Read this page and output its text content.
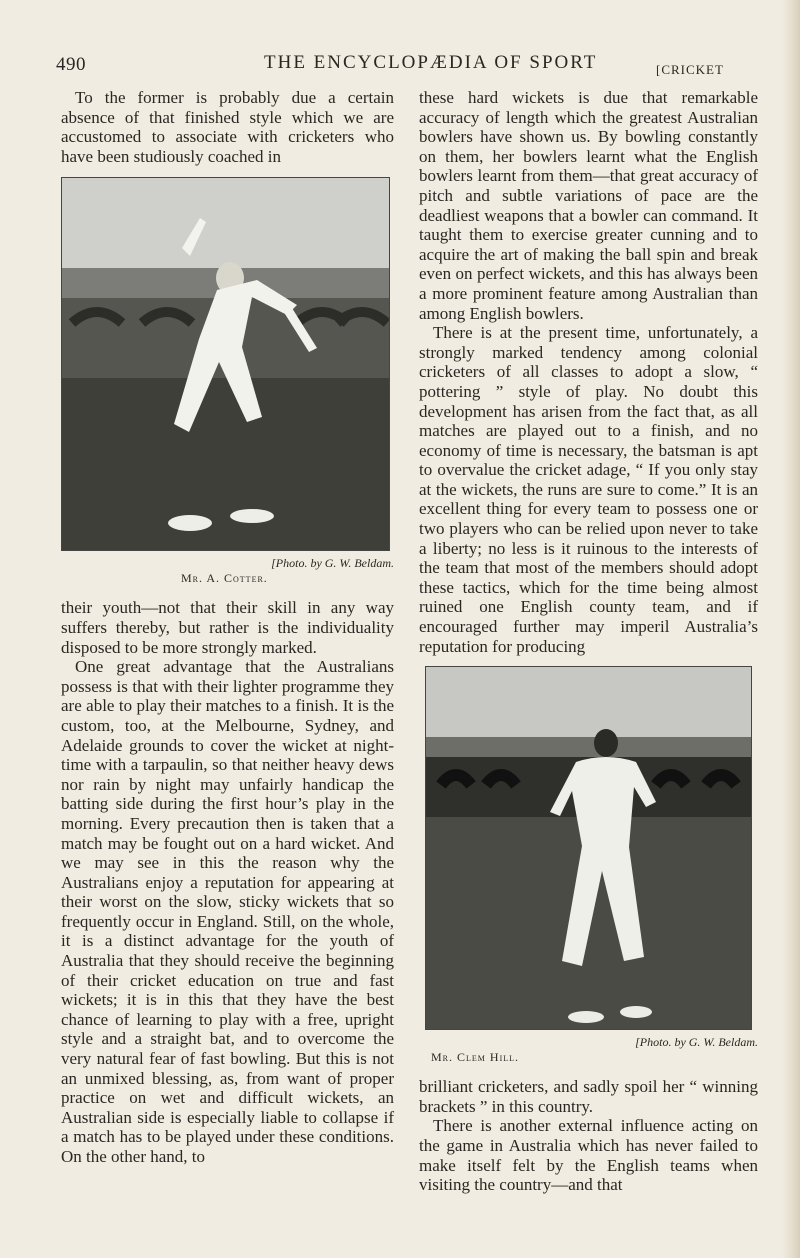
490	THE ENCYCLOPÆDIA OF SPORT	[CRICKET

To the former is probably due a certain absence of that finished style which we are accustomed to associate with cricketers who have been studiously coached in

[Photo. by G. W. Beldam.
Mr. A. Cotter.

their youth—not that their skill in any way suffers thereby, but rather is the individuality disposed to be more strongly marked.

One great advantage that the Australians possess is that with their lighter programme they are able to play their matches to a finish. It is the custom, too, at the Melbourne, Sydney, and Adelaide grounds to cover the wicket at night-time with a tarpaulin, so that neither heavy dews nor rain by night may unfairly handicap the batting side during the first hour’s play in the morning. Every precaution then is taken that a match may be fought out on a hard wicket. And we may see in this the reason why the Australians enjoy a reputation for appearing at their worst on the slow, sticky wickets that so frequently occur in England. Still, on the whole, it is a distinct advantage for the youth of Australia that they should receive the beginning of their cricket education on true and fast wickets; it is in this that they have the best chance of learning to play with a free, upright style and a straight bat, and to overcome the very natural fear of fast bowling. But this is not an unmixed blessing, as, from want of proper practice on wet and difficult wickets, an Australian side is especially liable to collapse if a match has to be played under these conditions. On the other hand, to

these hard wickets is due that remarkable accuracy of length which the greatest Australian bowlers have shown us. By bowling constantly on them, her bowlers learnt what the English bowlers learnt from them—that great accuracy of pitch and subtle variations of pace are the deadliest weapons that a bowler can command. It taught them to exercise greater cunning and to acquire the art of making the ball spin and break even on perfect wickets, and this has always been a more prominent feature among Australian than among English bowlers.

There is at the present time, unfortunately, a strongly marked tendency among colonial cricketers of all classes to adopt a slow, “ pottering ” style of play. No doubt this development has arisen from the fact that, as all matches are played out to a finish, and no economy of time is necessary, the batsman is apt to overvalue the cricket adage, “ If you only stay at the wickets, the runs are sure to come.” It is an excellent thing for every team to possess one or two players who can be relied upon never to take a liberty; no less is it ruinous to the interests of the team that most of the members should adopt these tactics, which for the time being almost ruined one English county team, and if encouraged further may imperil Australia’s reputation for producing

[Photo. by G. W. Beldam.
Mr. Clem Hill.

brilliant cricketers, and sadly spoil her “ winning brackets ” in this country.

There is another external influence acting on the game in Australia which has never failed to make itself felt by the English teams when visiting the country—and that
